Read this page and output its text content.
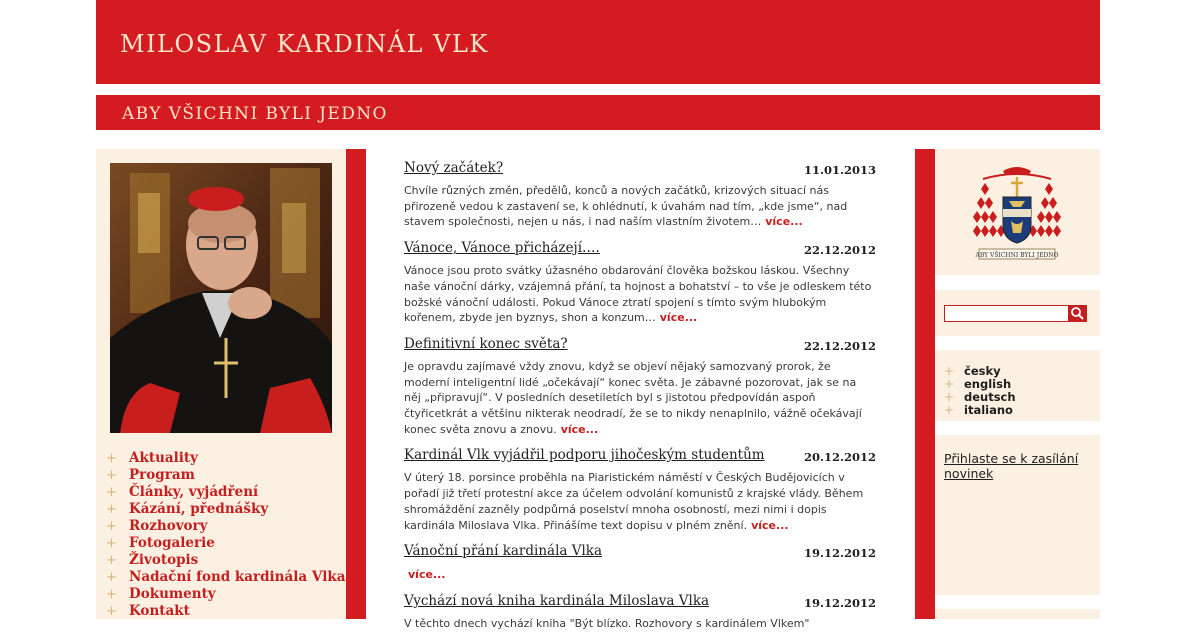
MILOSLAV KARDINÁL VLK
ABY VŠICHNI BYLI JEDNO
+ Aktuality
+ Program
+ Články, vyjádření
+ Kázání, přednášky
+ Rozhovory
+ Fotogalerie
+ Životopis
+ Nadační fond kardinála Vlka
+ Dokumenty
+ Kontakt
Nový začátek?	11.01.2013
Chvíle různých změn, předělů, konců a nových začátků, krizových situací nás přirozeně vedou k zastavení se, k ohlédnutí, k úvahám nad tím, „kde jsme“, nad stavem společnosti, nejen u nás, i nad naším vlastním životem… více...
Vánoce, Vánoce přicházejí….	22.12.2012
Vánoce jsou proto svátky úžasného obdarování člověka božskou láskou. Všechny naše vánoční dárky, vzájemná přání, ta hojnost a bohatství – to vše je odleskem této božské vánoční události. Pokud Vánoce ztratí spojení s tímto svým hlubokým kořenem, zbyde jen byznys, shon a konzum… více...
Definitivní konec světa?	22.12.2012
Je opravdu zajímavé vždy znovu, když se objeví nějaký samozvaný prorok, že moderní inteligentní lidé „očekávají“ konec světa. Je zábavné pozorovat, jak se na něj „připravují“. V posledních desetiletích byl s jistotou předpovídán aspoň čtyřicetkrát a většinu nikterak neodradí, že se to nikdy nenaplnilo, vážně očekávají konec světa znovu a znovu. více...
Kardinál Vlk vyjádřil podporu jihočeským studentům	20.12.2012
V úterý 18. porsince proběhla na Piaristickém náměstí v Českých Budějovicích v pořadí již třetí protestní akce za účelem odvolání komunistů z krajské vlády. Během shromáždění zazněly podpůrná poselství mnoha osobností, mezi nimi i dopis kardinála Miloslava Vlka. Přinášíme text dopisu v plném znění. více...
Vánoční přání kardinála Vlka	19.12.2012
více...
Vychází nová kniha kardinála Miloslava Vlka	19.12.2012
V těchto dnech vychází kniha "Být blízko. Rozhovory s kardinálem Vlkem"
ABY VŠICHNI BYLI JEDNO
+ česky
+ english
+ deutsch
+ italiano
Přihlaste se k zasílání novinek
